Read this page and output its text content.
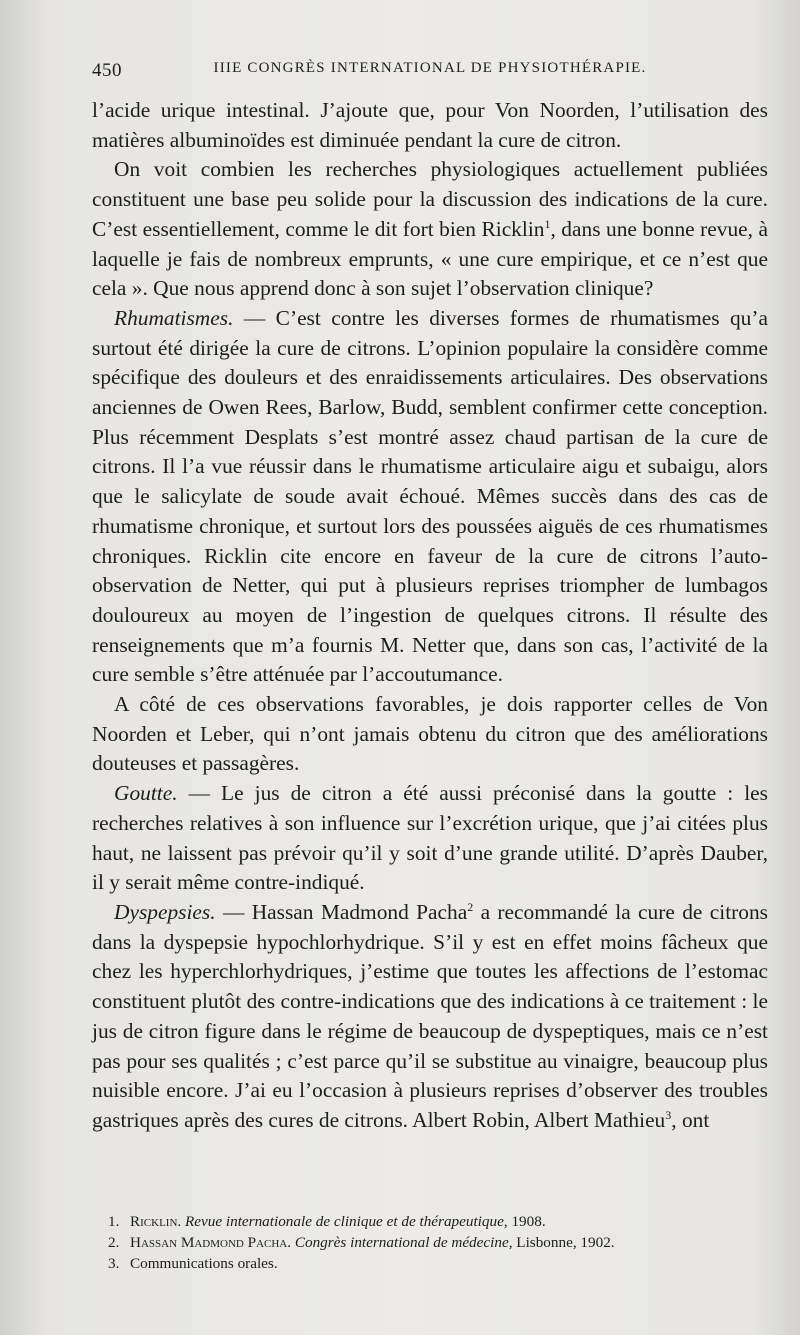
450	IIIE CONGRÈS INTERNATIONAL DE PHYSIOTHÉRAPIE.

l’acide urique intestinal. J’ajoute que, pour Von Noorden, l’utilisation des matières albuminoïdes est diminuée pendant la cure de citron.

On voit combien les recherches physiologiques actuellement publiées constituent une base peu solide pour la discussion des indications de la cure. C’est essentiellement, comme le dit fort bien Ricklin$^1$, dans une bonne revue, à laquelle je fais de nombreux emprunts, « une cure empirique, et ce n’est que cela ». Que nous apprend donc à son sujet l’observation clinique?

Rhumatismes. — C’est contre les diverses formes de rhumatismes qu’a surtout été dirigée la cure de citrons. L’opinion populaire la considère comme spécifique des douleurs et des enraidissements articulaires. Des observations anciennes de Owen Rees, Barlow, Budd, semblent confirmer cette conception. Plus récemment Desplats s’est montré assez chaud partisan de la cure de citrons. Il l’a vue réussir dans le rhumatisme articulaire aigu et subaigu, alors que le salicylate de soude avait échoué. Mêmes succès dans des cas de rhumatisme chronique, et surtout lors des poussées aiguës de ces rhumatismes chroniques. Ricklin cite encore en faveur de la cure de citrons l’auto-observation de Netter, qui put à plusieurs reprises triompher de lumbagos douloureux au moyen de l’ingestion de quelques citrons. Il résulte des renseignements que m’a fournis M. Netter que, dans son cas, l’activité de la cure semble s’être atténuée par l’accoutumance.

A côté de ces observations favorables, je dois rapporter celles de Von Noorden et Leber, qui n’ont jamais obtenu du citron que des améliorations douteuses et passagères.

Goutte. — Le jus de citron a été aussi préconisé dans la goutte : les recherches relatives à son influence sur l’excrétion urique, que j’ai citées plus haut, ne laissent pas prévoir qu’il y soit d’une grande utilité. D’après Dauber, il y serait même contre-indiqué.

Dyspepsies. — Hassan Madmond Pacha$^2$ a recommandé la cure de citrons dans la dyspepsie hypochlorhydrique. S’il y est en effet moins fâcheux que chez les hyperchlorhydriques, j’estime que toutes les affections de l’estomac constituent plutôt des contre-indications que des indications à ce traitement : le jus de citron figure dans le régime de beaucoup de dyspeptiques, mais ce n’est pas pour ses qualités ; c’est parce qu’il se substitue au vinaigre, beaucoup plus nuisible encore. J’ai eu l’occasion à plusieurs reprises d’observer des troubles gastriques après des cures de citrons. Albert Robin, Albert Mathieu$^3$, ont

1. Ricklin. Revue internationale de clinique et de thérapeutique, 1908.
2. Hassan Madmond Pacha. Congrès international de médecine, Lisbonne, 1902.
3. Communications orales.
